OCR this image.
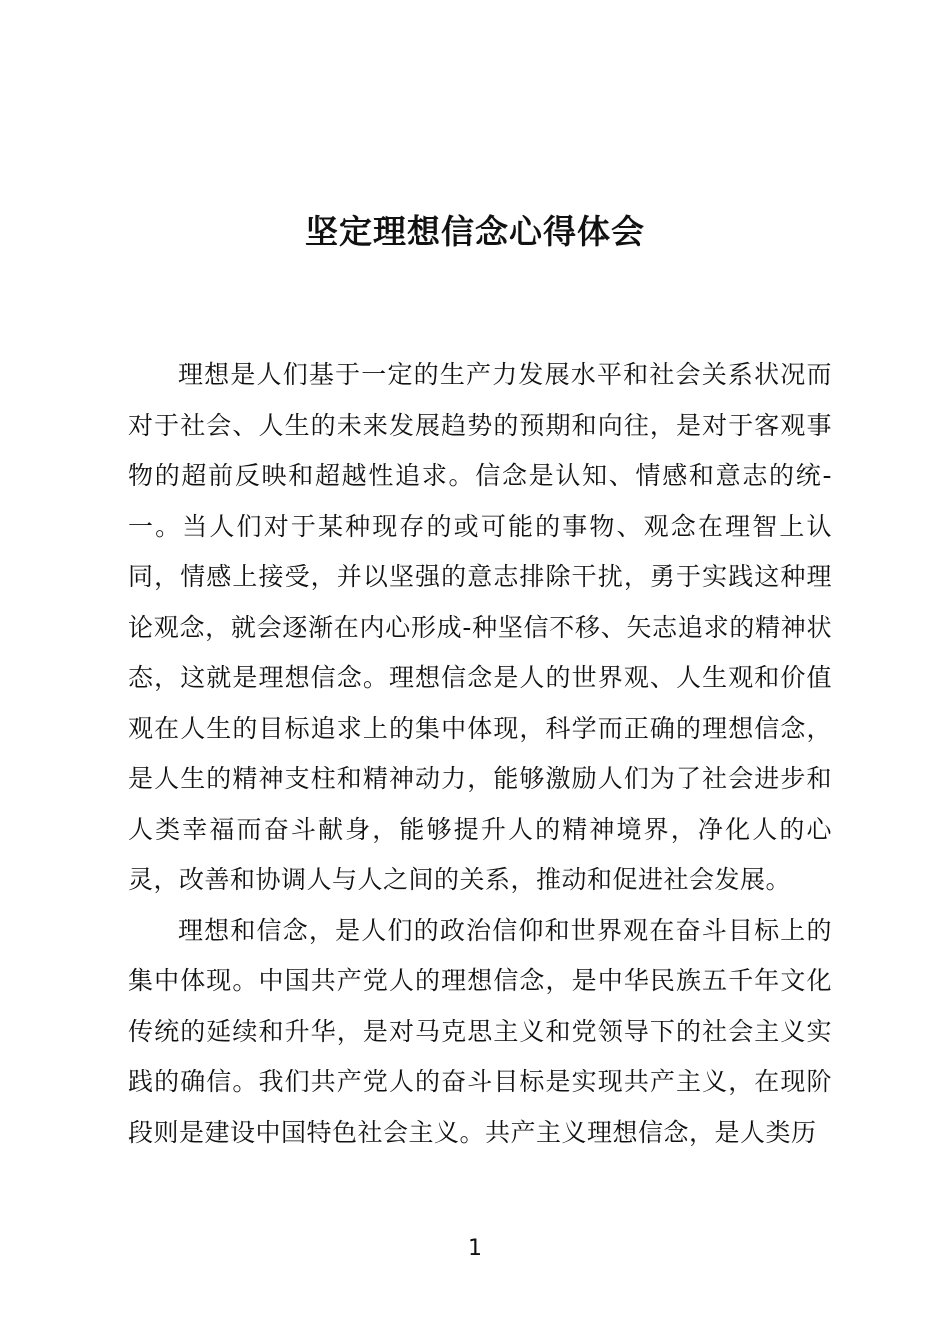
坚定理想信念心得体会

理想是人们基于一定的生产力发展水平和社会关系状况而对于社会、人生的未来发展趋势的预期和向往，是对于客观事物的超前反映和超越性追求。信念是认知、情感和意志的统-一。当人们对于某种现存的或可能的事物、观念在理智上认同，情感上接受，并以坚强的意志排除干扰，勇于实践这种理论观念，就会逐渐在内心形成-种坚信不移、矢志追求的精神状态，这就是理想信念。理想信念是人的世界观、人生观和价值观在人生的目标追求上的集中体现，科学而正确的理想信念，是人生的精神支柱和精神动力，能够激励人们为了社会进步和人类幸福而奋斗献身，能够提升人的精神境界，净化人的心灵，改善和协调人与人之间的关系，推动和促进社会发展。

理想和信念，是人们的政治信仰和世界观在奋斗目标上的集中体现。中国共产党人的理想信念，是中华民族五千年文化传统的延续和升华，是对马克思主义和党领导下的社会主义实践的确信。我们共产党人的奋斗目标是实现共产主义，在现阶段则是建设中国特色社会主义。共产主义理想信念，是人类历

1
